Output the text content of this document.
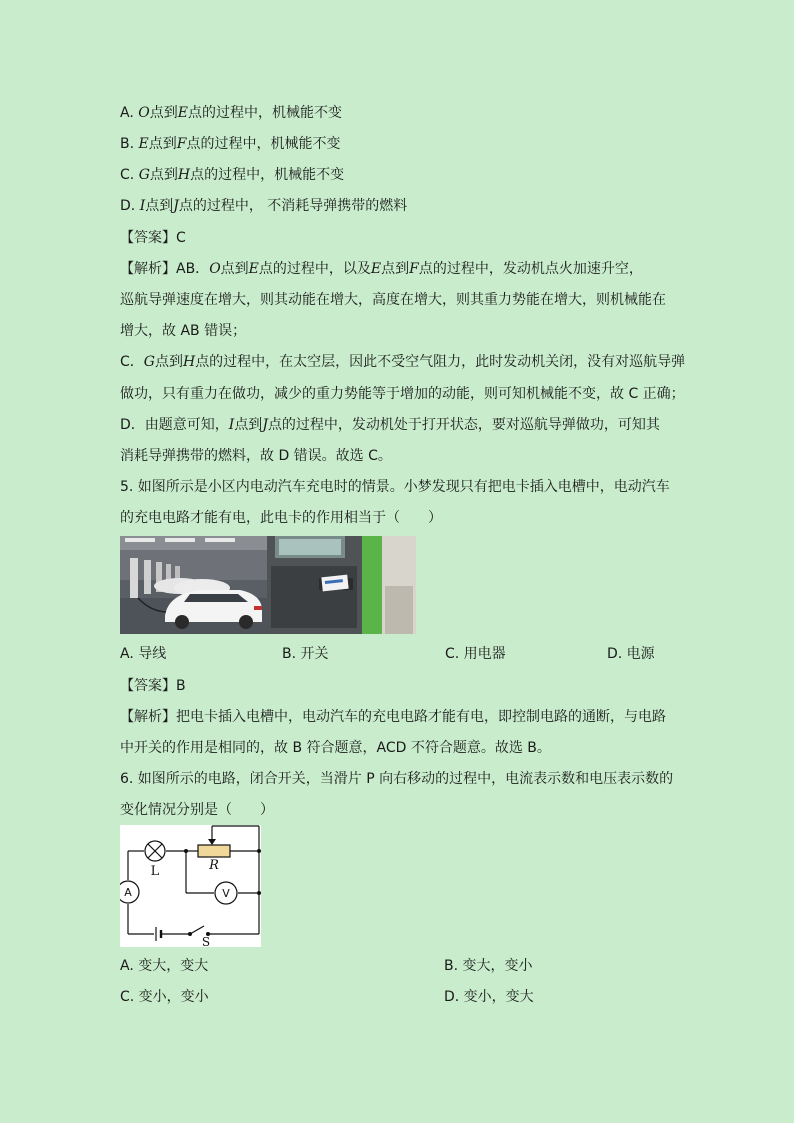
A. O点到E点的过程中，机械能不变
B. E点到F点的过程中，机械能不变
C. G点到H点的过程中，机械能不变
D. I点到J点的过程中， 不消耗导弹携带的燃料
【答案】C
【解析】AB．O点到E点的过程中，以及E点到F点的过程中，发动机点火加速升空，
巡航导弹速度在增大，则其动能在增大，高度在增大，则其重力势能在增大，则机械能在
增大，故 AB 错误；
C．G点到H点的过程中，在太空层，因此不受空气阻力，此时发动机关闭，没有对巡航导弹
做功，只有重力在做功，减少的重力势能等于增加的动能，则可知机械能不变，故 C 正确；
D．由题意可知，I点到J点的过程中，发动机处于打开状态，要对巡航导弹做功，可知其
消耗导弹携带的燃料，故 D 错误。故选 C。
5. 如图所示是小区内电动汽车充电时的情景。小梦发现只有把电卡插入电槽中，电动汽车
的充电电路才能有电，此电卡的作用相当于（　　）
A. 导线	B. 开关	C. 用电器	D. 电源
【答案】B
【解析】把电卡插入电槽中，电动汽车的充电电路才能有电，即控制电路的通断，与电路
中开关的作用是相同的，故 B 符合题意，ACD 不符合题意。故选 B。
6. 如图所示的电路，闭合开关，当滑片 P 向右移动的过程中，电流表示数和电压表示数的
变化情况分别是（　　）
L	R
A	V
S
A. 变大，变大	B. 变大，变小
C. 变小，变小	D. 变小，变大
